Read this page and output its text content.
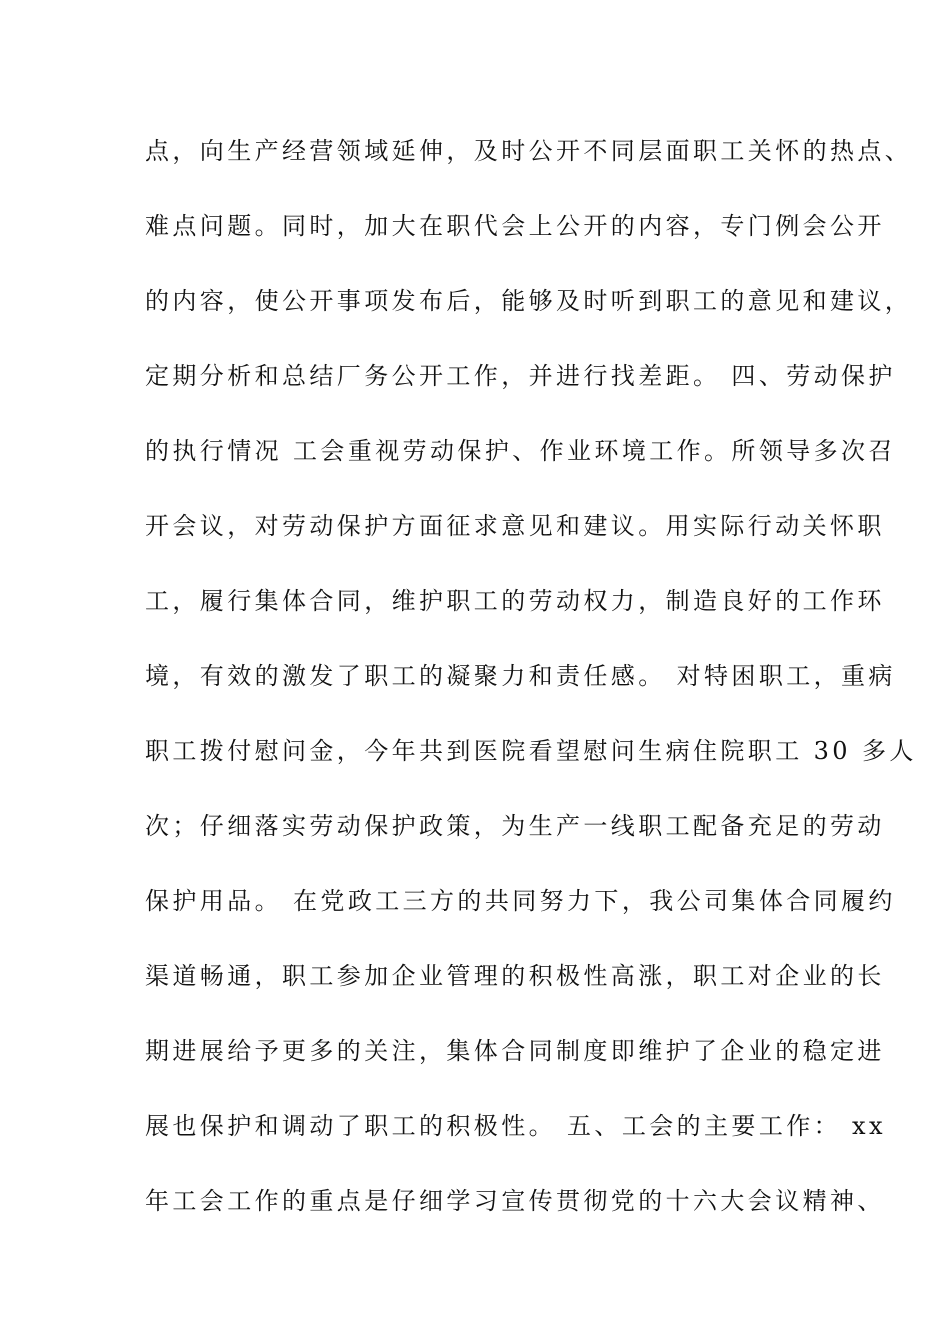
点，向生产经营领域延伸，及时公开不同层面职工关怀的热点、
难点问题。同时，加大在职代会上公开的内容，专门例会公开
的内容，使公开事项发布后，能够及时听到职工的意见和建议，
定期分析和总结厂务公开工作，并进行找差距。 四、劳动保护
的执行情况 工会重视劳动保护、作业环境工作。所领导多次召
开会议，对劳动保护方面征求意见和建议。用实际行动关怀职
工，履行集体合同，维护职工的劳动权力，制造良好的工作环
境，有效的激发了职工的凝聚力和责任感。 对特困职工，重病
职工拨付慰问金，今年共到医院看望慰问生病住院职工 30 多人
次；仔细落实劳动保护政策，为生产一线职工配备充足的劳动
保护用品。 在党政工三方的共同努力下，我公司集体合同履约
渠道畅通，职工参加企业管理的积极性高涨，职工对企业的长
期进展给予更多的关注，集体合同制度即维护了企业的稳定进
展也保护和调动了职工的积极性。 五、工会的主要工作： xx
年工会工作的重点是仔细学习宣传贯彻党的十六大会议精神、
